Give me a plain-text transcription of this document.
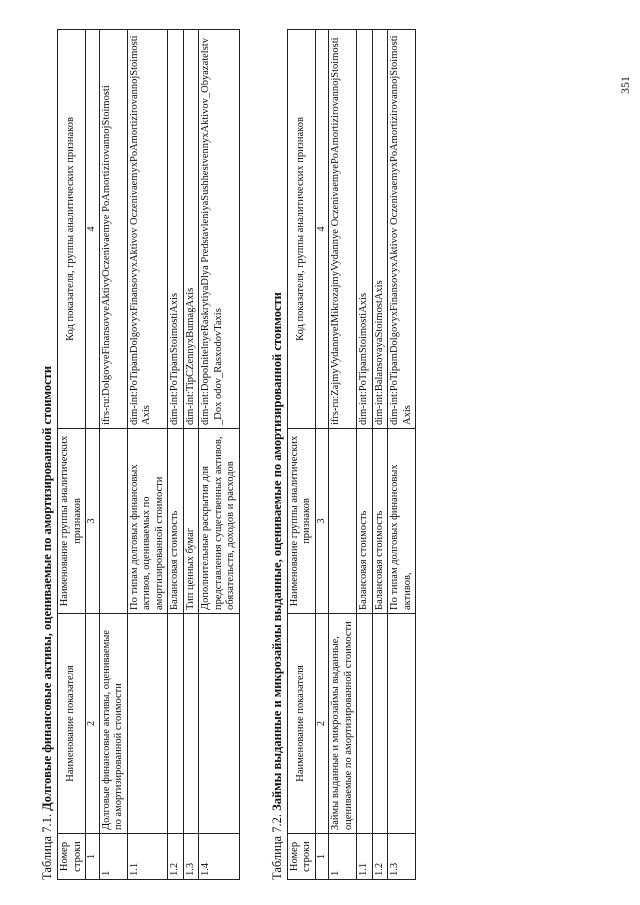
351

Таблица 7.1. Долговые финансовые активы, оцениваемые по амортизированной стоимости

Номер строки	Наименование показателя	Наименование группы аналитических признаков	Код показателя, группы аналитических признаков
1	2	3	4
1	Долговые финансовые активы, оцениваемые по амортизированной стоимости		ifrs-ru:DolgovyeFinansovyeAktivyOczenivaemye PoAmortizirovannojStoimosti
1.1		По типам долговых финансовых активов, оцениваемых по амортизированной стоимости	dim-int:PoTipamDolgovyxFinansovyxAktivov OczenivaemyxPoAmortizirovannojStoimostiAxis
1.2		Балансовая стоимость	dim-int:PoTipamStoimostiAxis
1.3		Тип ценных бумаг	dim-int:TipCZennyxBumagAxis
1.4		Дополнительные раскрытия для представления существенных активов, обязательств, доходов и расходов	dim-int:DopolnitelnyeRaskrytiyaDlya PredstavleniyaSushhestvennyxAktivov_Obyazatelstv_Dox odov_RasxodovTaxis

Таблица 7.2. Займы выданные и микрозаймы выданные, оцениваемые по амортизированной стоимости

Номер строки	Наименование показателя	Наименование группы аналитических признаков	Код показателя, группы аналитических признаков
1	2	3	4
1	Займы выданные и микрозаймы выданные, оцениваемые по амортизированной стоимости		ifrs-ru:ZajmyVydannyeIMikrozajmyVydannye OczenivaemyePoAmortizirovannojStoimosti
1.1		Балансовая стоимость	dim-int:PoTipamStoimostiAxis
1.2		Балансовая стоимость	dim-int:BalansovayaStoimostAxis
1.3		По типам долговых финансовых активов,	dim-int:PoTipamDolgovyxFinansovyxAktivov OczenivaemyxPoAmortizirovannojStoimostiAxis
